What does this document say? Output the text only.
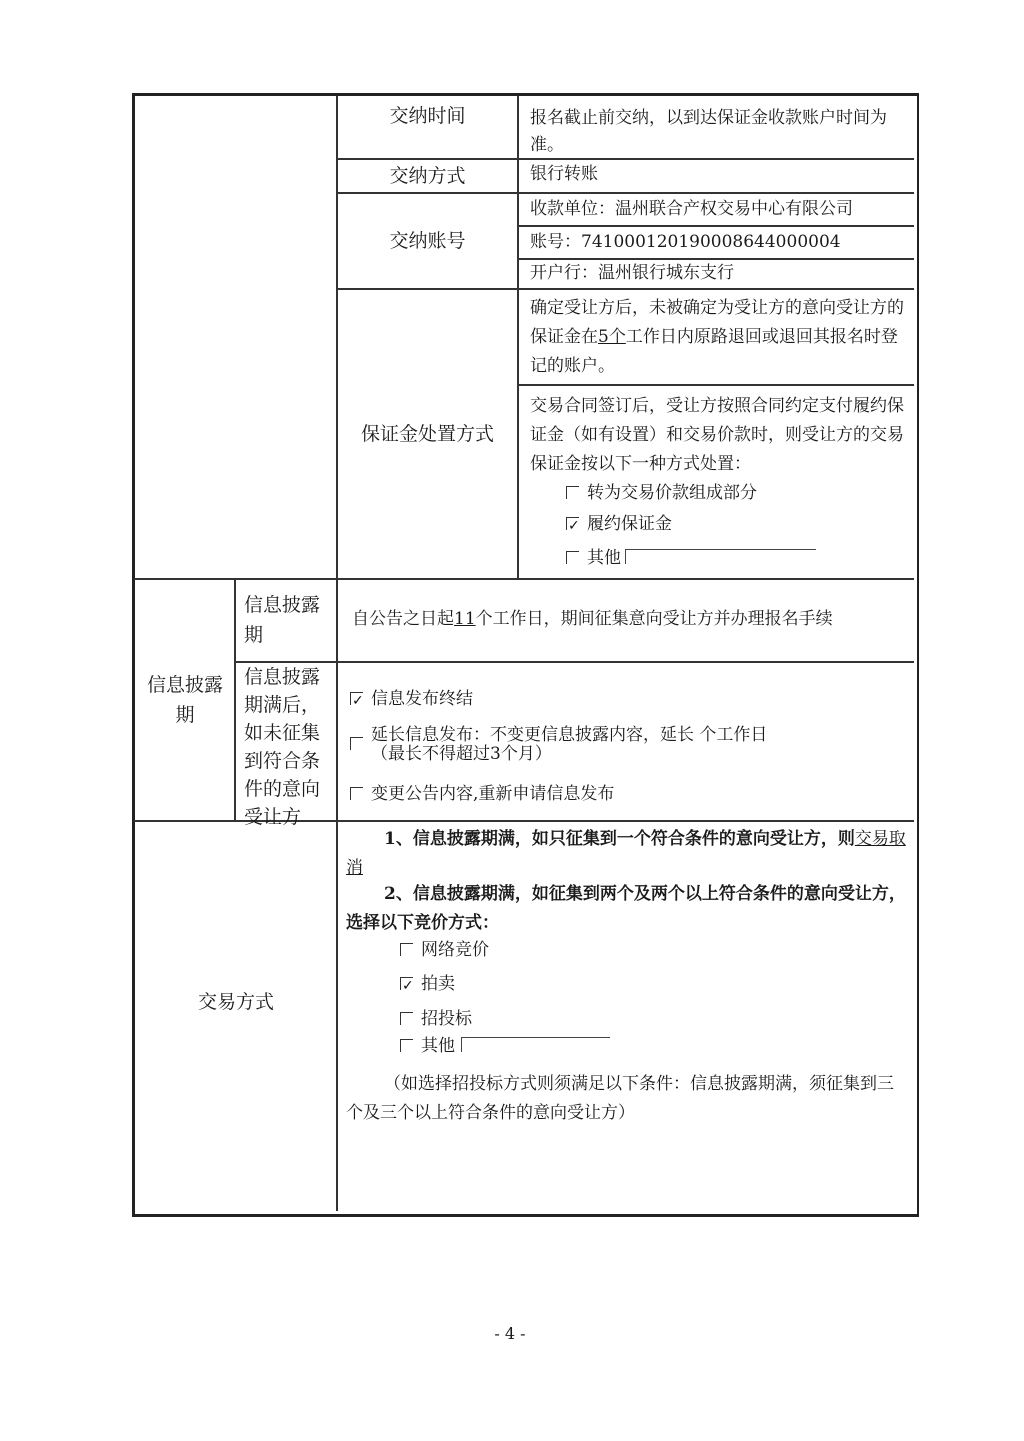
交纳时间	报名截止前交纳，以到达保证金收款账户时间为准。
交纳方式	银行转账
交纳账号
收款单位：温州联合产权交易中心有限公司
账号：741000120190008644000004
开户行：温州银行城东支行
保证金处置方式
确定受让方后，未被确定为受让方的意向受让方的保证金在5个工作日内原路退回或退回其报名时登记的账户。
交易合同签订后，受让方按照合同约定支付履约保证金（如有设置）和交易价款时，则受让方的交易保证金按以下一种方式处置：
转为交易价款组成部分
✓履约保证金
其他
信息披露期
信息披露期
自公告之日起11个工作日，期间征集意向受让方并办理报名手续
信息披露期满后，如未征集到符合条件的意向受让方
✓信息发布终结
延长信息发布：不变更信息披露内容，延长 个工作日
（最长不得超过3个月）
变更公告内容,重新申请信息发布
交易方式
1、信息披露期满，如只征集到一个符合条件的意向受让方，则交易取消
2、信息披露期满，如征集到两个及两个以上符合条件的意向受让方，选择以下竞价方式：
网络竞价
✓拍卖
招投标
其他
（如选择招投标方式则须满足以下条件：信息披露期满，须征集到三个及三个以上符合条件的意向受让方）
- 4 -
